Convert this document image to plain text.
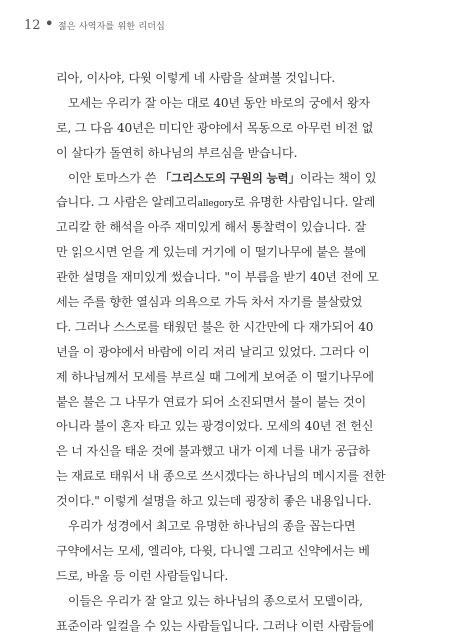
12 • 젊은 사역자를 위한 리더십
리아, 이사야, 다윗 이렇게 네 사람을 살펴볼 것입니다.
모세는 우리가 잘 아는 대로 40년 동안 바로의 궁에서 왕자
로, 그 다음 40년은 미디안 광야에서 목동으로 아무런 비전 없
이 살다가 돌연히 하나님의 부르심을 받습니다.
이안 토마스가 쓴 「그리스도의 구원의 능력」이라는 책이 있
습니다. 그 사람은 알레고리allegory로 유명한 사람입니다. 알레
고리칼 한 해석을 아주 재미있게 해서 통찰력이 있습니다. 잘
만 읽으시면 얻을 게 있는데 거기에 이 떨기나무에 붙은 불에
관한 설명을 재미있게 썼습니다. "이 부름을 받기 40년 전에 모
세는 주를 향한 열심과 의욕으로 가득 차서 자기를 불살랐었
다. 그러나 스스로를 태웠던 불은 한 시간만에 다 재가되어 40
년을 이 광야에서 바람에 이리 저리 날리고 있었다. 그러다 이
제 하나님께서 모세를 부르실 때 그에게 보여준 이 떨기나무에
붙은 불은 그 나무가 연료가 되어 소진되면서 불이 붙는 것이
아니라 불이 혼자 타고 있는 광경이었다. 모세의 40년 전 헌신
은 너 자신을 태운 것에 불과했고 내가 이제 너를 내가 공급하
는 재료로 태워서 내 종으로 쓰시겠다는 하나님의 메시지를 전한
것이다." 이렇게 설명을 하고 있는데 굉장히 좋은 내용입니다.
우리가 성경에서 최고로 유명한 하나님의 종을 꼽는다면
구약에서는 모세, 엘리야, 다윗, 다니엘 그리고 신약에서는 베
드로, 바울 등 이런 사람들입니다.
이들은 우리가 잘 알고 있는 하나님의 종으로서 모델이라,
표준이라 일컬을 수 있는 사람들입니다. 그러나 이런 사람들에
